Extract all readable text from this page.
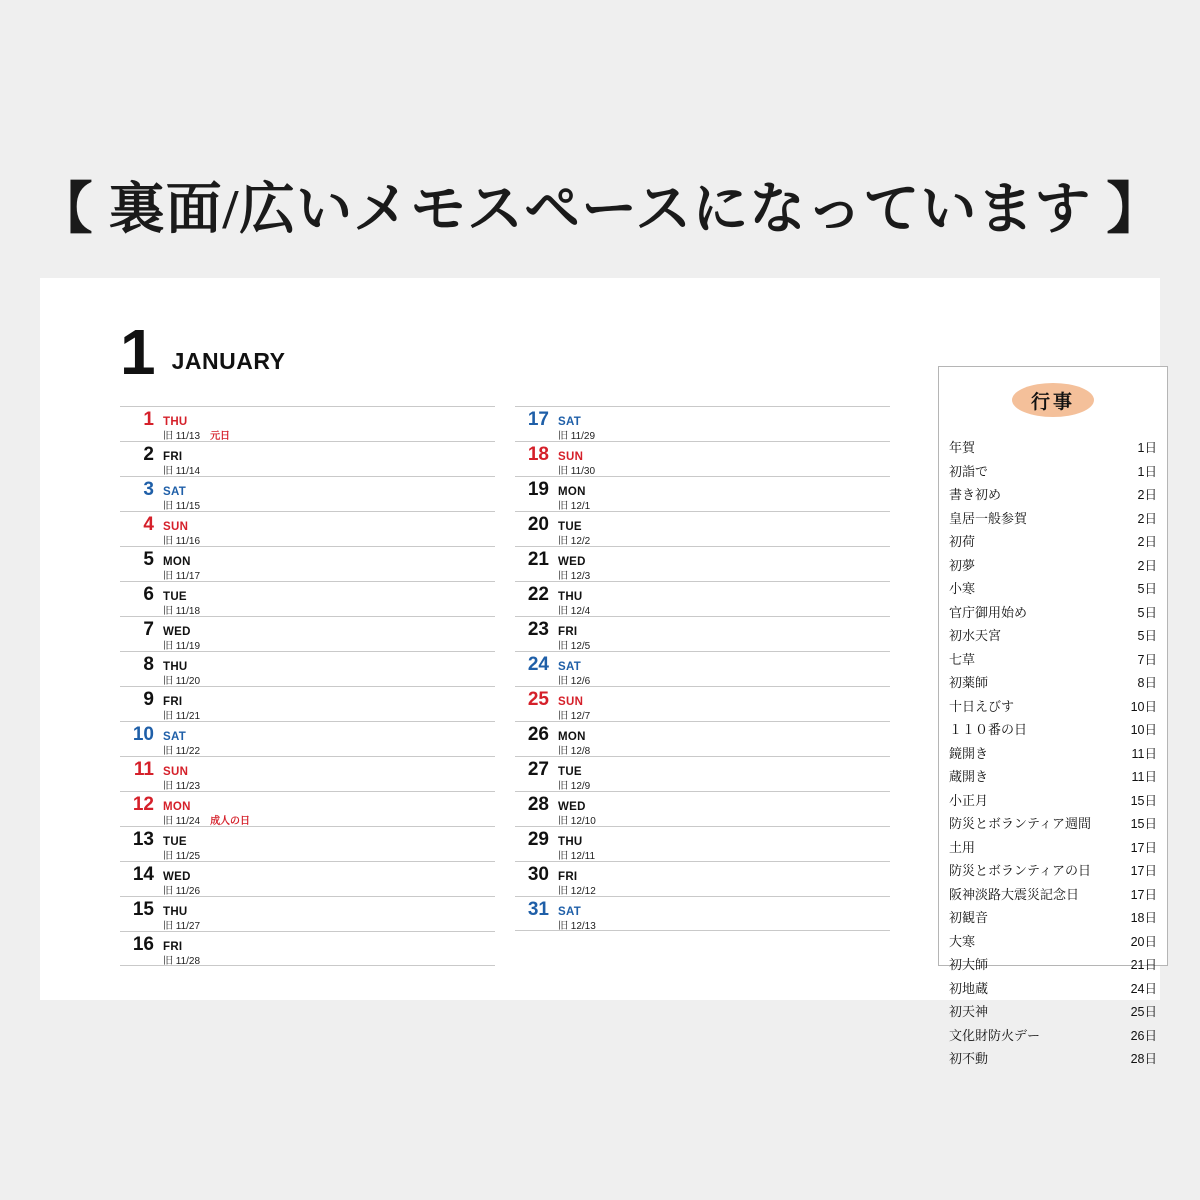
【 裏面/広いメモスペースになっています 】
1 JANUARY
1 THU
旧 11/13 元日
2 FRI
旧 11/14
3 SAT
旧 11/15
4 SUN
旧 11/16
5 MON
旧 11/17
6 TUE
旧 11/18
7 WED
旧 11/19
8 THU
旧 11/20
9 FRI
旧 11/21
10 SAT
旧 11/22
11 SUN
旧 11/23
12 MON
旧 11/24 成人の日
13 TUE
旧 11/25
14 WED
旧 11/26
15 THU
旧 11/27
16 FRI
旧 11/28
17 SAT
旧 11/29
18 SUN
旧 11/30
19 MON
旧 12/1
20 TUE
旧 12/2
21 WED
旧 12/3
22 THU
旧 12/4
23 FRI
旧 12/5
24 SAT
旧 12/6
25 SUN
旧 12/7
26 MON
旧 12/8
27 TUE
旧 12/9
28 WED
旧 12/10
29 THU
旧 12/11
30 FRI
旧 12/12
31 SAT
旧 12/13
行事
年賀	1日
初詣で	1日
書き初め	2日
皇居一般参賀	2日
初荷	2日
初夢	2日
小寒	5日
官庁御用始め	5日
初水天宮	5日
七草	7日
初薬師	8日
十日えびす	10日
１１０番の日	10日
鏡開き	11日
蔵開き	11日
小正月	15日
防災とボランティア週間	15日
土用	17日
防災とボランティアの日	17日
阪神淡路大震災記念日	17日
初観音	18日
大寒	20日
初大師	21日
初地蔵	24日
初天神	25日
文化財防火デー	26日
初不動	28日
